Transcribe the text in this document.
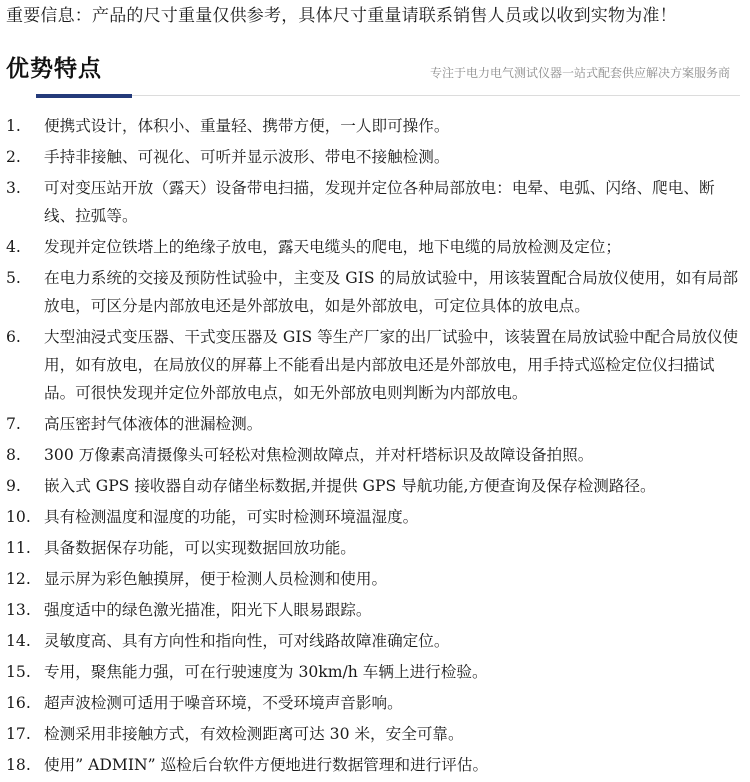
重要信息：产品的尺寸重量仅供参考，具体尺寸重量请联系销售人员或以收到实物为准！
优势特点	专注于电力电气测试仪器一站式配套供应解决方案服务商
1. 便携式设计，体积小、重量轻、携带方便，一人即可操作。
2. 手持非接触、可视化、可听并显示波形、带电不接触检测。
3. 可对变压站开放（露天）设备带电扫描，发现并定位各种局部放电：电晕、电弧、闪络、爬电、断线、拉弧等。
4. 发现并定位铁塔上的绝缘子放电，露天电缆头的爬电，地下电缆的局放检测及定位；
5. 在电力系统的交接及预防性试验中，主变及 GIS 的局放试验中，用该装置配合局放仪使用，如有局部放电，可区分是内部放电还是外部放电，如是外部放电，可定位具体的放电点。
6. 大型油浸式变压器、干式变压器及 GIS 等生产厂家的出厂试验中，该装置在局放试验中配合局放仪使用，如有放电，在局放仪的屏幕上不能看出是内部放电还是外部放电，用手持式巡检定位仪扫描试品。可很快发现并定位外部放电点，如无外部放电则判断为内部放电。
7. 高压密封气体液体的泄漏检测。
8. 300 万像素高清摄像头可轻松对焦检测故障点，并对杆塔标识及故障设备拍照。
9. 嵌入式 GPS 接收器自动存储坐标数据,并提供 GPS 导航功能,方便查询及保存检测路径。
10. 具有检测温度和湿度的功能，可实时检测环境温湿度。
11. 具备数据保存功能，可以实现数据回放功能。
12. 显示屏为彩色触摸屏，便于检测人员检测和使用。
13. 强度适中的绿色激光描准，阳光下人眼易跟踪。
14. 灵敏度高、具有方向性和指向性，可对线路故障准确定位。
15. 专用，聚焦能力强，可在行驶速度为 30km/h 车辆上进行检验。
16. 超声波检测可适用于噪音环境，不受环境声音影响。
17. 检测采用非接触方式，有效检测距离可达 30 米，安全可靠。
18. 使用” ADMIN” 巡检后台软件方便地进行数据管理和进行评估。
